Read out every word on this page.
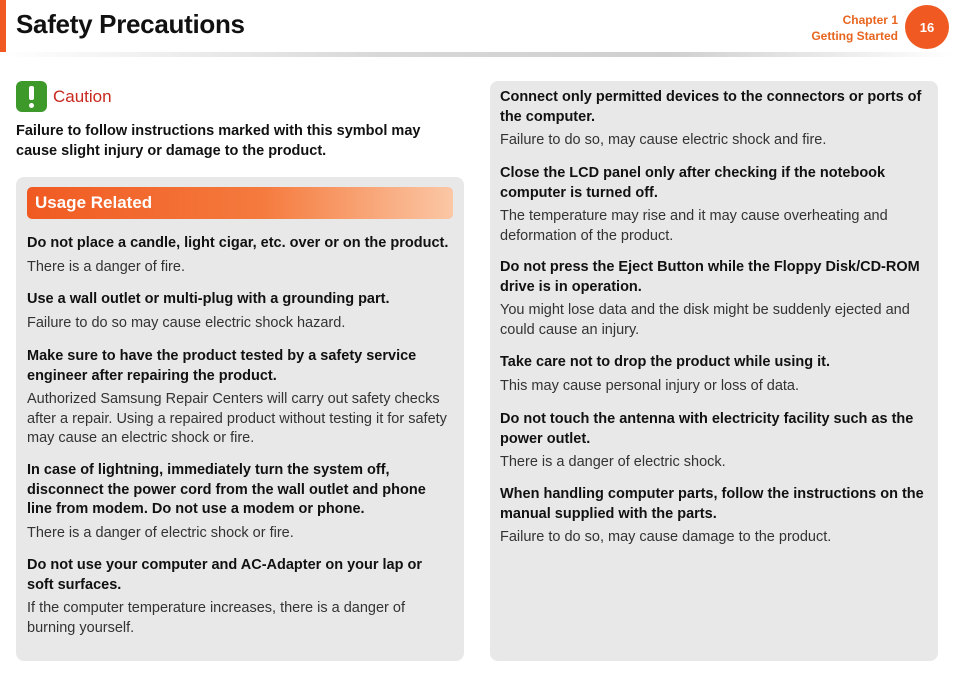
Safety Precautions	Chapter 1
Getting Started
16
Caution

Failure to follow instructions marked with this symbol may cause slight injury or damage to the product.

Usage Related
Do not place a candle, light cigar, etc. over or on the product.
There is a danger of fire.
Use a wall outlet or multi-plug with a grounding part.
Failure to do so may cause electric shock hazard.
Make sure to have the product tested by a safety service engineer after repairing the product.
Authorized Samsung Repair Centers will carry out safety checks after a repair. Using a repaired product without testing it for safety may cause an electric shock or fire.
In case of lightning, immediately turn the system off, disconnect the power cord from the wall outlet and phone line from modem. Do not use a modem or phone.
There is a danger of electric shock or fire.
Do not use your computer and AC-Adapter on your lap or soft surfaces.
If the computer temperature increases, there is a danger of burning yourself.
Connect only permitted devices to the connectors or ports of the computer.
Failure to do so, may cause electric shock and fire.
Close the LCD panel only after checking if the notebook computer is turned off.
The temperature may rise and it may cause overheating and deformation of the product.
Do not press the Eject Button while the Floppy Disk/CD-ROM drive is in operation.
You might lose data and the disk might be suddenly ejected and could cause an injury.
Take care not to drop the product while using it.
This may cause personal injury or loss of data.
Do not touch the antenna with electricity facility such as the power outlet.
There is a danger of electric shock.
When handling computer parts, follow the instructions on the manual supplied with the parts.
Failure to do so, may cause damage to the product.
